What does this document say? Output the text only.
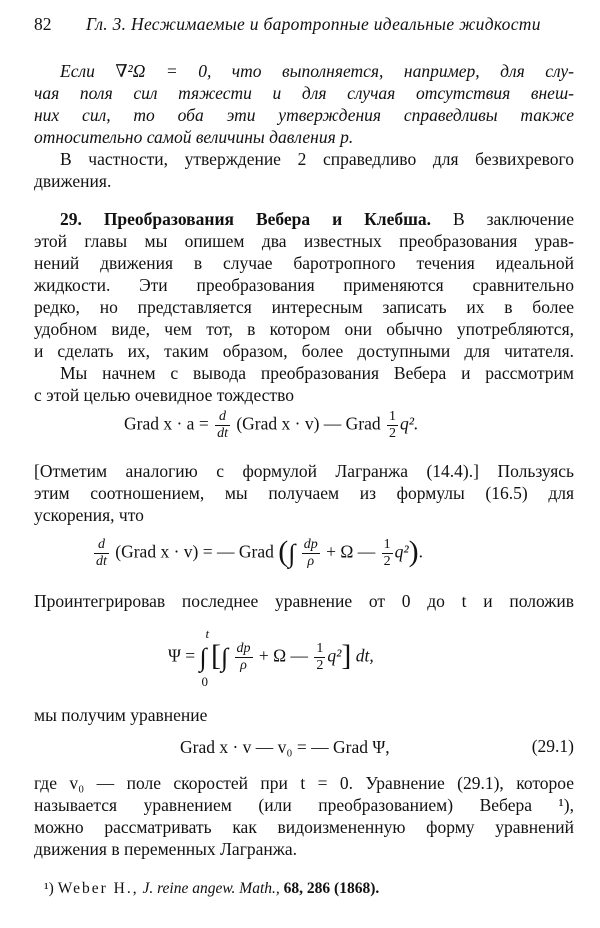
82 Гл. 3. Несжимаемые и баротропные идеальные жидкости
Если ∇²Ω = 0, что выполняется, например, для слу-
чая поля сил тяжести и для случая отсутствия внеш-
них сил, то оба эти утверждения справедливы также
относительно самой величины давления p.
В частности, утверждение 2 справедливо для безвихревого
движения.
29. Преобразования Вебера и Клебша. В заключение
этой главы мы опишем два известных преобразования урав-
нений движения в случае баротропного течения идеальной
жидкости. Эти преобразования применяются сравнительно
редко, но представляется интересным записать их в более
удобном виде, чем тот, в котором они обычно употребляются,
и сделать их, таким образом, более доступными для читателя.
Мы начнем с вывода преобразования Вебера и рассмотрим
с этой целью очевидное тождество
Grad $x \cdot a = \frac{d}{dt}$ (Grad x · v) — Grad $\frac{1}{2} q^2$.
[Отметим аналогию с формулой Лагранжа (14.4).] Пользуясь
этим соотношением, мы получаем из формулы (16.5) для
ускорения, что
$\frac{d}{dt}$ (Grad x · v) = — Grad (∫ $\frac{dp}{\rho} + \Omega$ — $\frac{1}{2} q^2$).
Проинтегрировав последнее уравнение от 0 до t и положив
Ψ = ∫
t
0
[∫ $\frac{dp}{\rho} + \Omega$ — $\frac{1}{2} q^2$] dt,
мы получим уравнение
Grad x · v — v₀ = — Grad Ψ,	(29.1)
где v₀ — поле скоростей при t = 0. Уравнение (29.1), которое
называется уравнением (или преобразованием) Вебера ¹),
можно рассматривать как видоизмененную форму уравнений
движения в переменных Лагранжа.
¹) Weber H., J. reine angew. Math., 68, 286 (1868).
